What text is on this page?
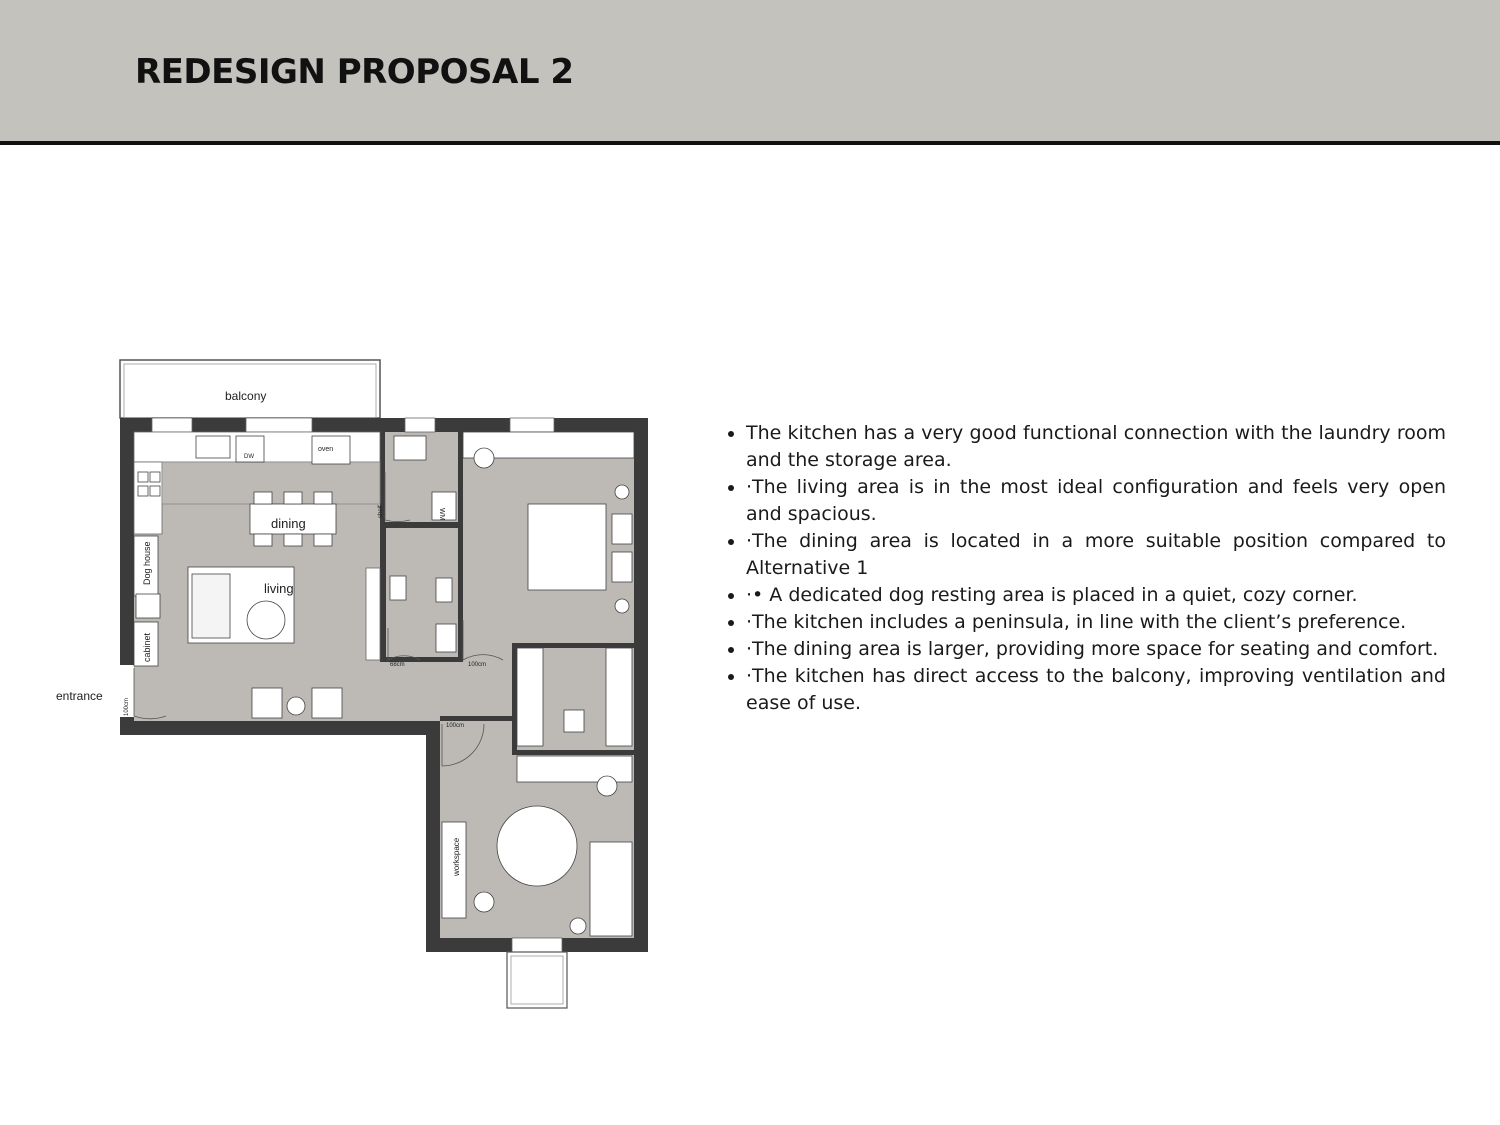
REDESIGN PROPOSAL 2
balcony
DW
oven
dining
living
Dog house
cabinet
100cm
entrance
WM
shelf
68cm	100cm
100cm
workspace
• The kitchen has a very good functional connection with the laundry room and the storage area.
• ·The living area is in the most ideal configuration and feels very open and spacious.
• ·The dining area is located in a more suitable position compared to Alternative 1
• ·• A dedicated dog resting area is placed in a quiet, cozy corner.
• ·The kitchen includes a peninsula, in line with the client’s preference.
• ·The dining area is larger, providing more space for seating and comfort.
• ·The kitchen has direct access to the balcony, improving ventilation and ease of use.
